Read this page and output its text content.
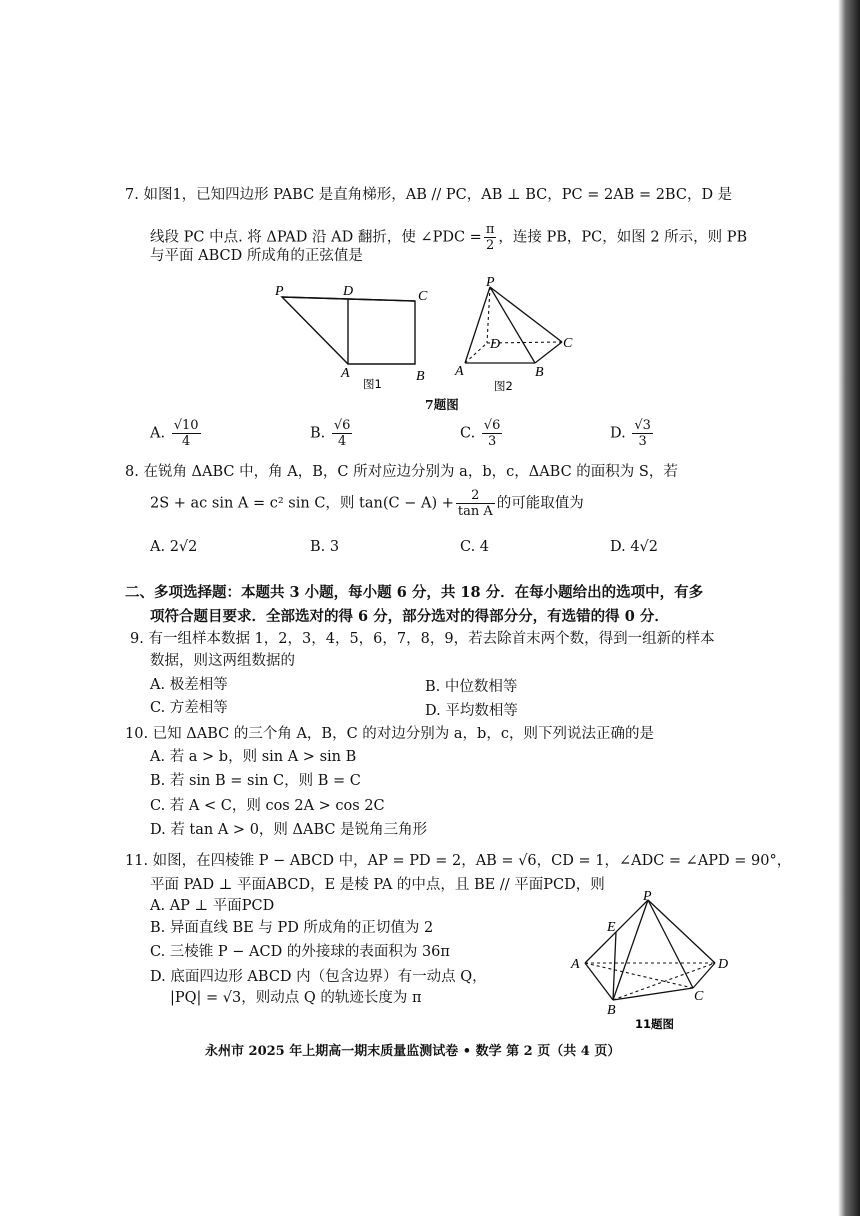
7. 如图1，已知四边形 PABC 是直角梯形，AB // PC，AB ⊥ BC，PC = 2AB = 2BC，D 是
线段 PC 中点. 将 ΔPAD 沿 AD 翻折，使 ∠PDC = $\frac{\pi}{2}$ ，连接 PB，PC，如图 2 所示，则 PB
与平面 ABCD 所成角的正弦值是
P	D	C
A	B
图1
P
D	C
A	B
图2
7题图
A. $\frac{√10}{4}$	B. $\frac{√6}{4}$	C. $\frac{√6}{3}$	D. $\frac{√3}{3}$
8. 在锐角 ΔABC 中，角 A，B，C 所对应边分别为 a，b，c，ΔABC 的面积为 S，若
2S + ac sin A = c² sin C，则 $\tan(C - A) + \frac{2}{\text{tan A}}$ 的可能取值为
A. 2√2	B. 3	C. 4	D. 4√2
二、多项选择题：本题共 3 小题，每小题 6 分，共 18 分．在每小题给出的选项中，有多
项符合题目要求．全部选对的得 6 分，部分选对的得部分分，有选错的得 0 分．
9. 有一组样本数据 1，2，3，4，5，6，7，8，9，若去除首末两个数，得到一组新的样本
数据，则这两组数据的
A. 极差相等	B. 中位数相等
C. 方差相等	D. 平均数相等
10. 已知 ΔABC 的三个角 A，B，C 的对边分别为 a，b，c，则下列说法正确的是
A. 若 a > b，则 sin A > sin B
B. 若 sin B = sin C，则 B = C
C. 若 A < C，则 cos 2A > cos 2C
D. 若 tan A > 0，则 ΔABC 是锐角三角形
11. 如图，在四棱锥 P − ABCD 中，AP = PD = 2，AB = √6，CD = 1，∠ADC = ∠APD = 90°，
平面 PAD ⊥ 平面ABCD，E 是棱 PA 的中点，且 BE // 平面PCD，则
A. AP ⊥ 平面PCD
B. 异面直线 BE 与 PD 所成角的正切值为 2
C. 三棱锥 P − ACD 的外接球的表面积为 36π
D. 底面四边形 ABCD 内（包含边界）有一动点 Q，
|PQ| = √3，则动点 Q 的轨迹长度为 π
P
E
A	D
B
C
11题图
永州市 2025 年上期高一期末质量监测试卷 • 数学 第 2 页（共 4 页）
